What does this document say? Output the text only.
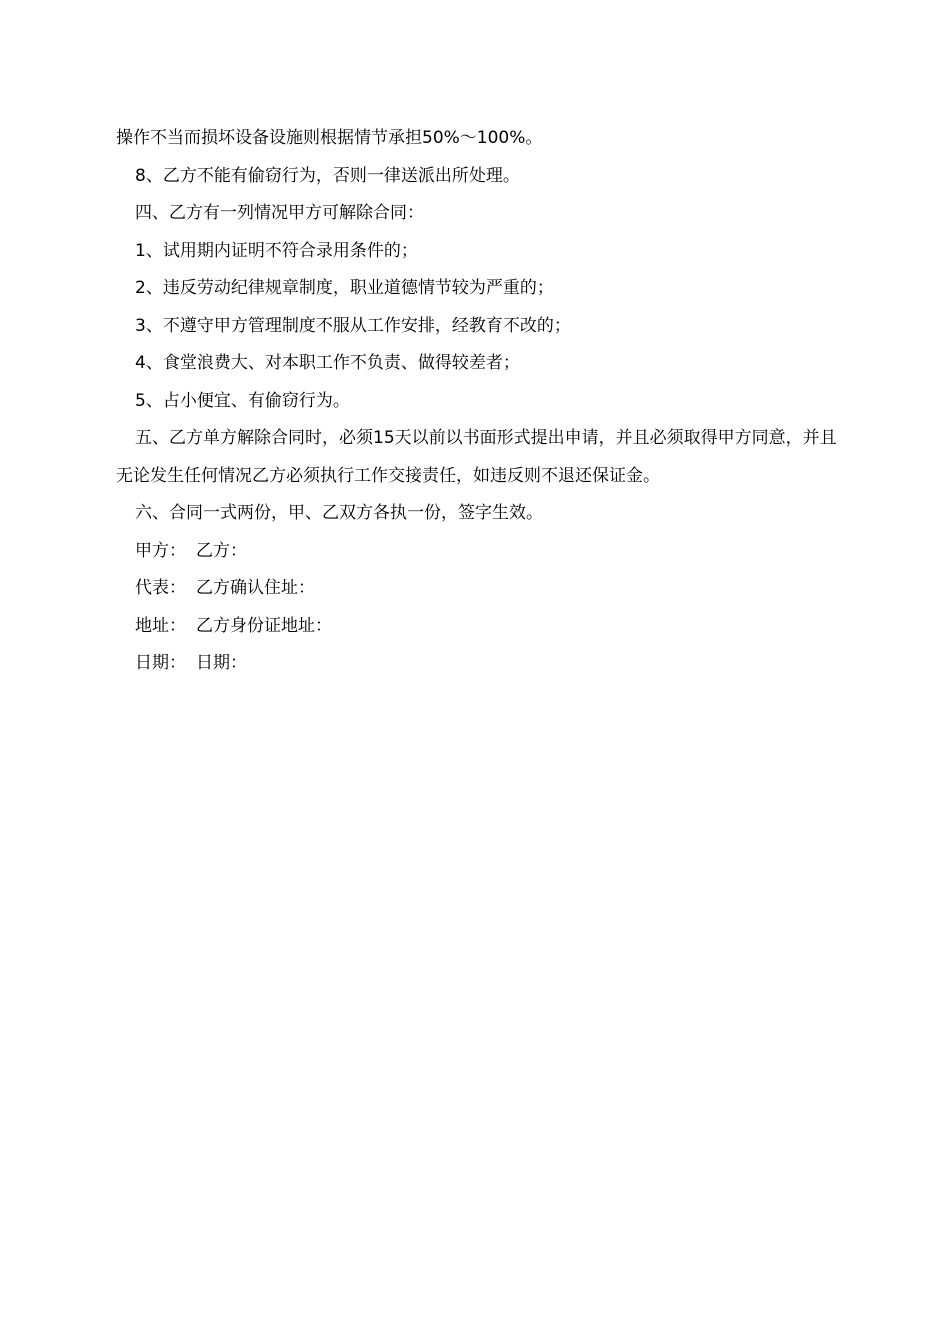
操作不当而损坏设备设施则根据情节承担50%～100%。

8、乙方不能有偷窃行为，否则一律送派出所处理。

四、乙方有一列情况甲方可解除合同：

1、试用期内证明不符合录用条件的；

2、违反劳动纪律规章制度，职业道德情节较为严重的；

3、不遵守甲方管理制度不服从工作安排，经教育不改的；

4、食堂浪费大、对本职工作不负责、做得较差者；

5、占小便宜、有偷窃行为。

五、乙方单方解除合同时，必须15天以前以书面形式提出申请，并且必须取得甲方同意，并且无论发生任何情况乙方必须执行工作交接责任，如违反则不退还保证金。

六、合同一式两份，甲、乙双方各执一份，签字生效。

甲方： 乙方：
代表： 乙方确认住址：
地址： 乙方身份证地址：
日期： 日期：
